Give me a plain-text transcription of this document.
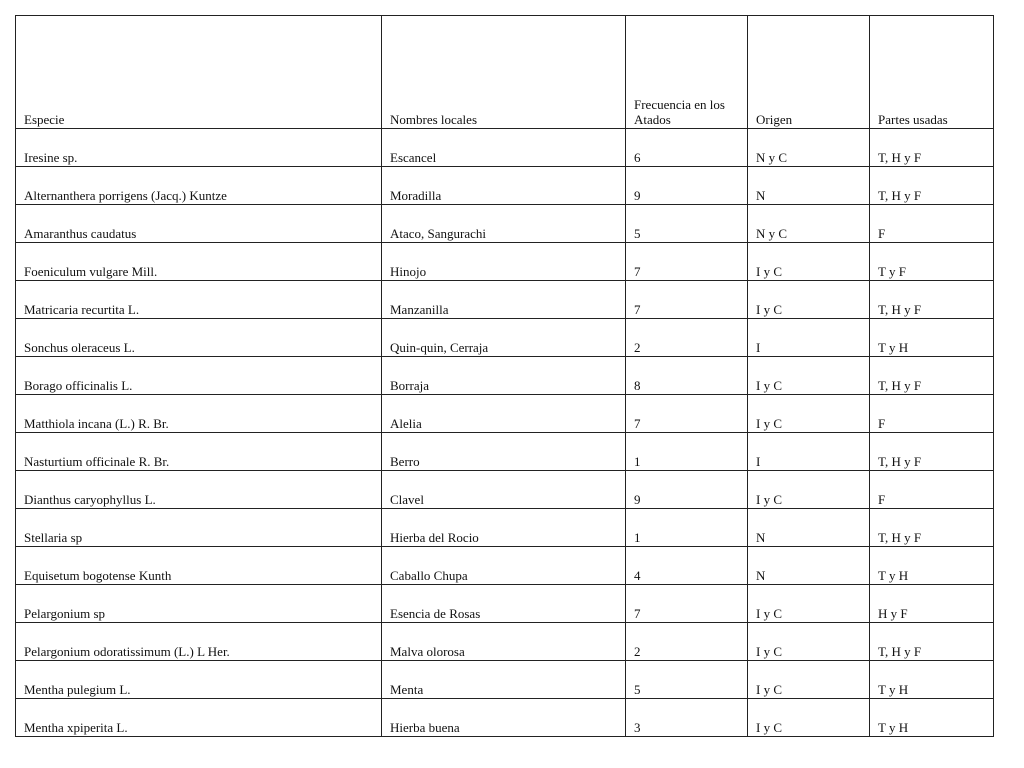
Especie	Nombres locales	Frecuencia en los Atados	Origen	Partes usadas
Iresine sp.	Escancel	6	N y C	T, H y F
Alternanthera porrigens (Jacq.) Kuntze	Moradilla	9	N	T, H y F
Amaranthus caudatus	Ataco, Sangurachi	5	N y C	F
Foeniculum vulgare Mill.	Hinojo	7	I y C	T y F
Matricaria recurtita L.	Manzanilla	7	I y C	T, H y F
Sonchus oleraceus L.	Quin-quin, Cerraja	2	I	T y H
Borago officinalis L.	Borraja	8	I y C	T, H y F
Matthiola incana (L.) R. Br.	Alelia	7	I y C	F
Nasturtium officinale R. Br.	Berro	1	I	T, H y F
Dianthus caryophyllus L.	Clavel	9	I y C	F
Stellaria sp	Hierba del Rocio	1	N	T, H y F
Equisetum bogotense Kunth	Caballo Chupa	4	N	T y H
Pelargonium sp	Esencia de Rosas	7	I y C	H y F
Pelargonium odoratissimum (L.) L Her.	Malva olorosa	2	I y C	T, H y F
Mentha pulegium L.	Menta	5	I y C	T y H
Mentha xpiperita L.	Hierba buena	3	I y C	T y H
